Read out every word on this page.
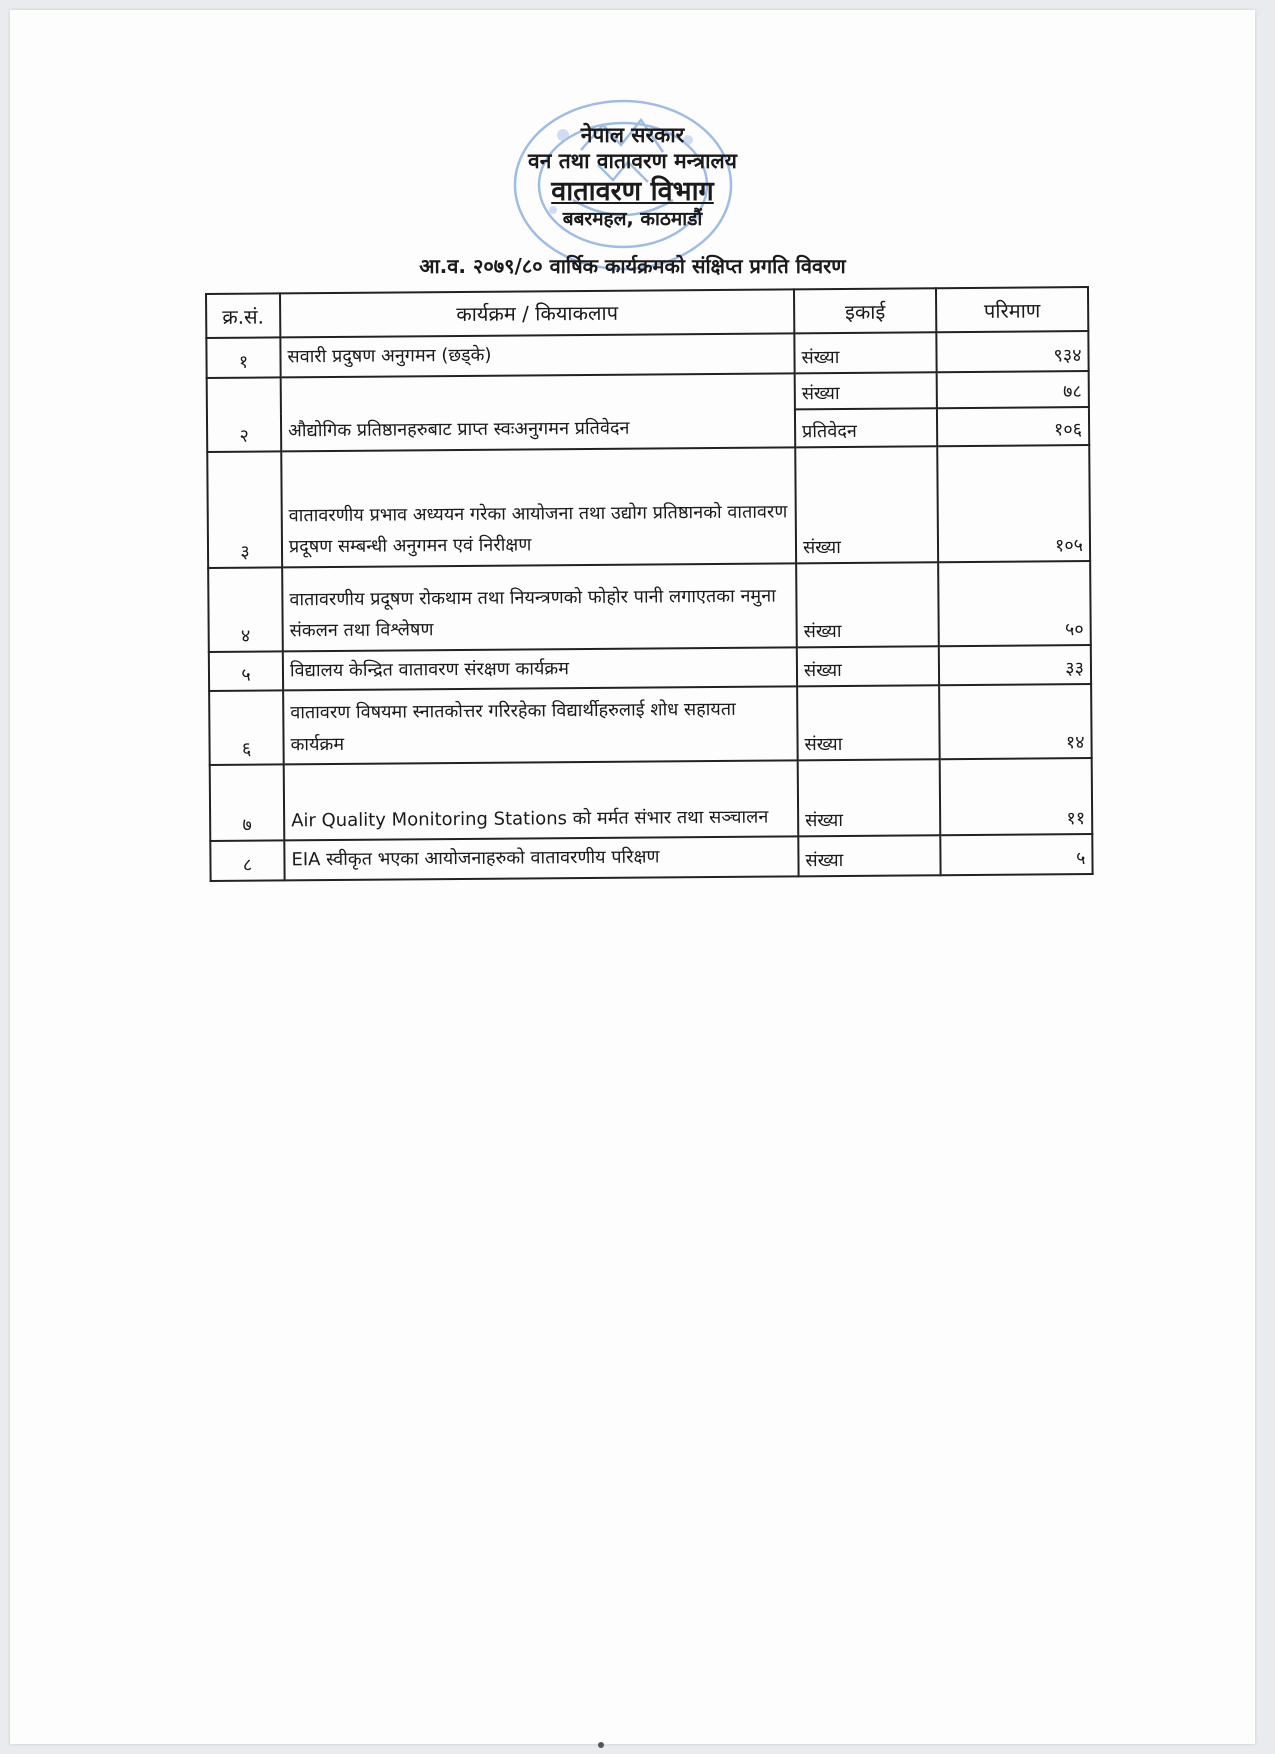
नेपाल सरकार
वन तथा वातावरण मन्त्रालय
वातावरण विभाग
बबरमहल, काठमाडौं
आ.व. २०७९/८० वार्षिक कार्यक्रमको संक्षिप्त प्रगति विवरण
क्र.सं.	कार्यक्रम / कियाकलाप	इकाई	परिमाण
१	सवारी प्रदुषण अनुगमन (छड्के)	संख्या	९३४
२	औद्योगिक प्रतिष्ठानहरुबाट प्राप्त स्वःअनुगमन प्रतिवेदन	संख्या	७८
		प्रतिवेदन	१०६
३	वातावरणीय प्रभाव अध्ययन गरेका आयोजना तथा उद्योग प्रतिष्ठानको वातावरण प्रदूषण सम्बन्धी अनुगमन एवं निरीक्षण	संख्या	१०५
४	वातावरणीय प्रदूषण रोकथाम तथा नियन्त्रणको फोहोर पानी लगाएतका नमुना संकलन तथा विश्लेषण	संख्या	५०
५	विद्यालय केन्द्रित वातावरण संरक्षण कार्यक्रम	संख्या	३३
६	वातावरण विषयमा स्नातकोत्तर गरिरहेका विद्यार्थीहरुलाई शोध सहायता कार्यक्रम	संख्या	१४
७	Air Quality Monitoring Stations को मर्मत संभार तथा सञ्चालन	संख्या	११
८	EIA स्वीकृत भएका आयोजनाहरुको वातावरणीय परिक्षण	संख्या	५
